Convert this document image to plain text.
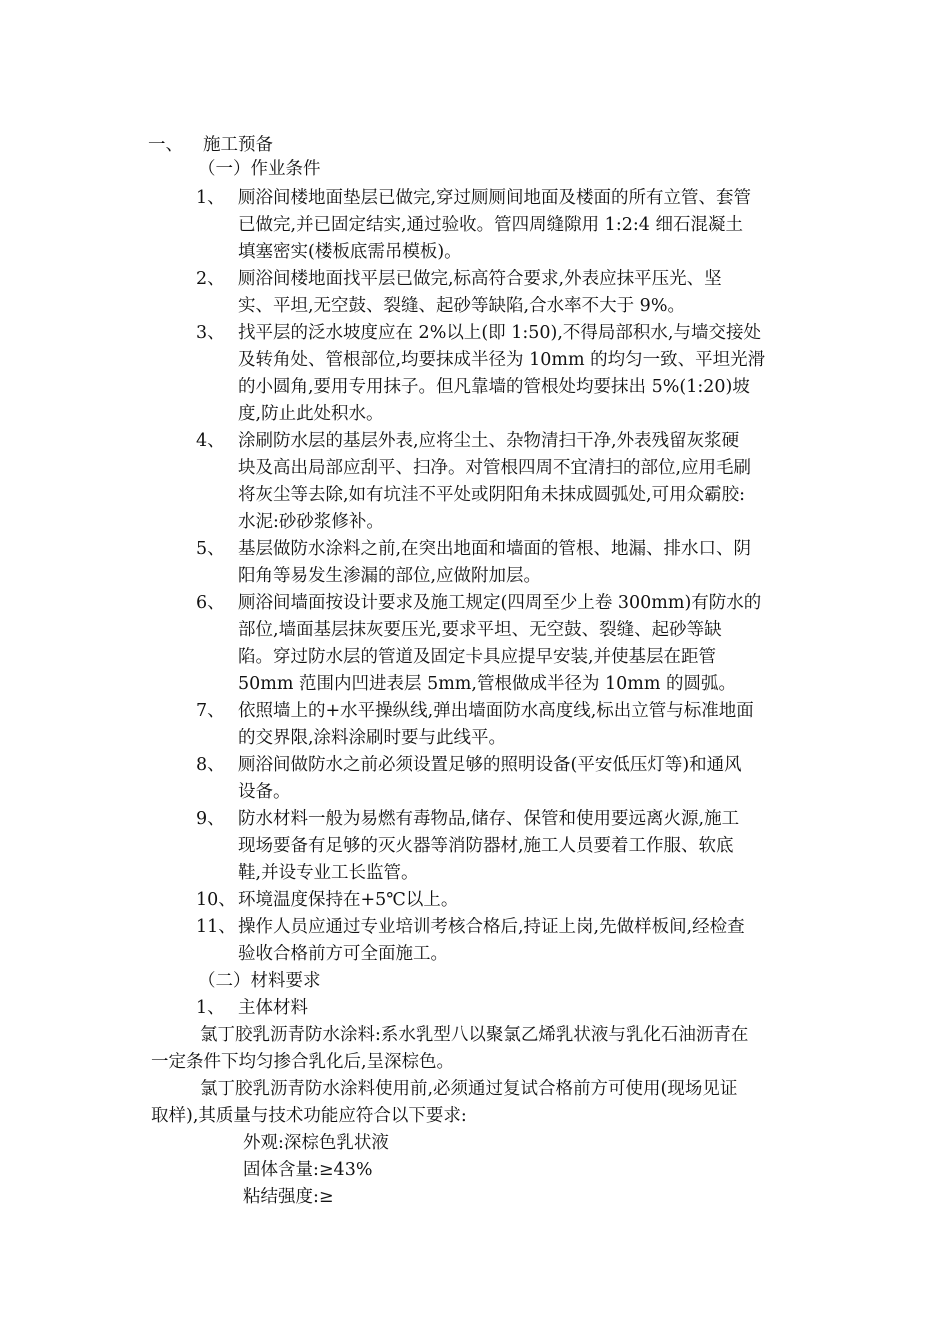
一、 施工预备
（一）作业条件
1、 厕浴间楼地面垫层已做完,穿过厕厕间地面及楼面的所有立管、套管
已做完,并已固定结实,通过验收。管四周缝隙用 1:2:4 细石混凝土
填塞密实(楼板底需吊模板)。
2、 厕浴间楼地面找平层已做完,标高符合要求,外表应抹平压光、坚
实、平坦,无空鼓、裂缝、起砂等缺陷,合水率不大于 9%。
3、 找平层的泛水坡度应在 2%以上(即 1:50),不得局部积水,与墙交接处
及转角处、管根部位,均要抹成半径为 10mm 的均匀一致、平坦光滑
的小圆角,要用专用抹子。但凡靠墙的管根处均要抹出 5%(1:20)坡
度,防止此处积水。
4、 涂刷防水层的基层外表,应将尘土、杂物清扫干净,外表残留灰浆硬
块及高出局部应刮平、扫净。对管根四周不宜清扫的部位,应用毛刷
将灰尘等去除,如有坑洼不平处或阴阳角未抹成圆弧处,可用众霸胶:
水泥:砂砂浆修补。
5、 基层做防水涂料之前,在突出地面和墙面的管根、地漏、排水口、阴
阳角等易发生渗漏的部位,应做附加层。
6、 厕浴间墙面按设计要求及施工规定(四周至少上卷 300mm)有防水的
部位,墙面基层抹灰要压光,要求平坦、无空鼓、裂缝、起砂等缺
陷。穿过防水层的管道及固定卡具应提早安装,并使基层在距管
50mm 范围内凹进表层 5mm,管根做成半径为 10mm 的圆弧。
7、 依照墙上的+水平操纵线,弹出墙面防水高度线,标出立管与标准地面
的交界限,涂料涂刷时要与此线平。
8、 厕浴间做防水之前必须设置足够的照明设备(平安低压灯等)和通风
设备。
9、 防水材料一般为易燃有毒物品,储存、保管和使用要远离火源,施工
现场要备有足够的灭火器等消防器材,施工人员要着工作服、软底
鞋,并设专业工长监管。
10、 环境温度保持在+5℃以上。
11、 操作人员应通过专业培训考核合格后,持证上岗,先做样板间,经检查
验收合格前方可全面施工。
（二）材料要求
1、 主体材料
氯丁胶乳沥青防水涂料:系水乳型八以聚氯乙烯乳状液与乳化石油沥青在
一定条件下均匀掺合乳化后,呈深棕色。
氯丁胶乳沥青防水涂料使用前,必须通过复试合格前方可使用(现场见证
取样),其质量与技术功能应符合以下要求:
外观:深棕色乳状液
固体含量:≥43%
粘结强度:≥
